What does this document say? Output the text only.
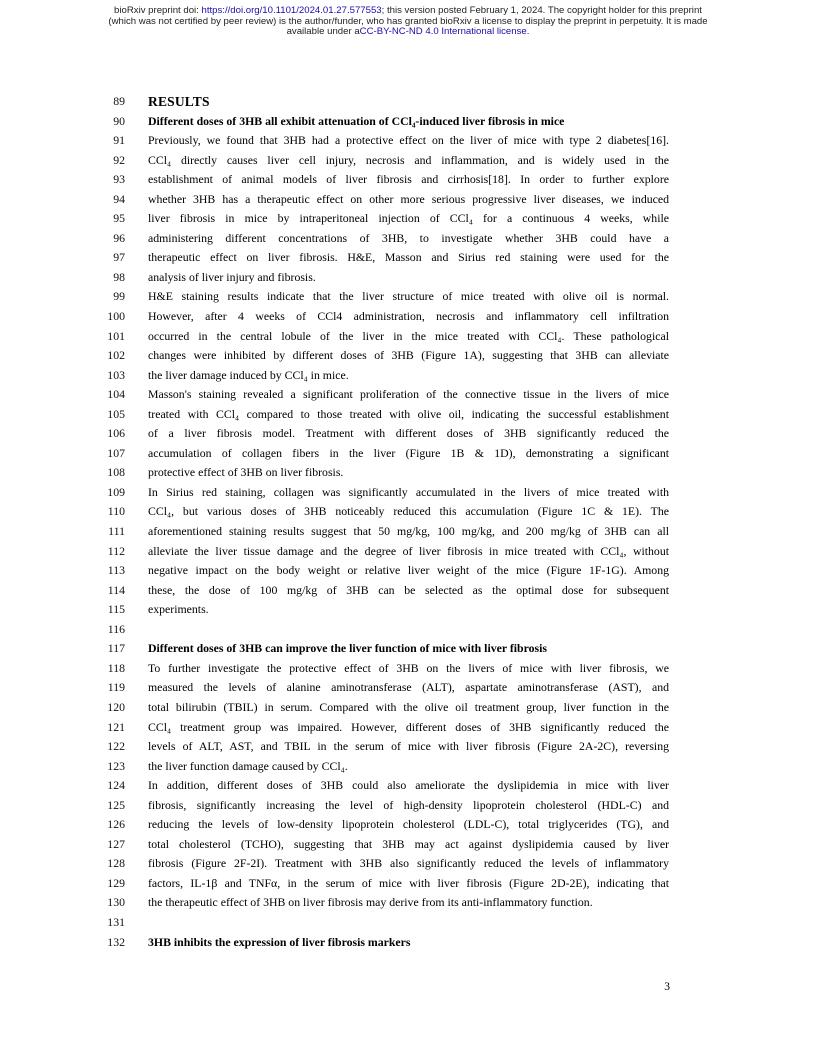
bioRxiv preprint doi: https://doi.org/10.1101/2024.01.27.577553; this version posted February 1, 2024. The copyright holder for this preprint
(which was not certified by peer review) is the author/funder, who has granted bioRxiv a license to display the preprint in perpetuity. It is made
available under aCC-BY-NC-ND 4.0 International license.
89 RESULTS
90 Different doses of 3HB all exhibit attenuation of CCl₄-induced liver fibrosis in mice
91 Previously, we found that 3HB had a protective effect on the liver of mice with type 2 diabetes[16].
92 CCl₄ directly causes liver cell injury, necrosis and inflammation, and is widely used in the
93 establishment of animal models of liver fibrosis and cirrhosis[18]. In order to further explore
94 whether 3HB has a therapeutic effect on other more serious progressive liver diseases, we induced
95 liver fibrosis in mice by intraperitoneal injection of CCl₄ for a continuous 4 weeks, while
96 administering different concentrations of 3HB, to investigate whether 3HB could have a
97 therapeutic effect on liver fibrosis. H&E, Masson and Sirius red staining were used for the
98 analysis of liver injury and fibrosis.
99 H&E staining results indicate that the liver structure of mice treated with olive oil is normal.
100 However, after 4 weeks of CCl4 administration, necrosis and inflammatory cell infiltration
101 occurred in the central lobule of the liver in the mice treated with CCl₄. These pathological
102 changes were inhibited by different doses of 3HB (Figure 1A), suggesting that 3HB can alleviate
103 the liver damage induced by CCl₄ in mice.
104 Masson's staining revealed a significant proliferation of the connective tissue in the livers of mice
105 treated with CCl₄ compared to those treated with olive oil, indicating the successful establishment
106 of a liver fibrosis model. Treatment with different doses of 3HB significantly reduced the
107 accumulation of collagen fibers in the liver (Figure 1B & 1D), demonstrating a significant
108 protective effect of 3HB on liver fibrosis.
109 In Sirius red staining, collagen was significantly accumulated in the livers of mice treated with
110 CCl₄, but various doses of 3HB noticeably reduced this accumulation (Figure 1C & 1E). The
111 aforementioned staining results suggest that 50 mg/kg, 100 mg/kg, and 200 mg/kg of 3HB can all
112 alleviate the liver tissue damage and the degree of liver fibrosis in mice treated with CCl₄, without
113 negative impact on the body weight or relative liver weight of the mice (Figure 1F-1G). Among
114 these, the dose of 100 mg/kg of 3HB can be selected as the optimal dose for subsequent
115 experiments.
116
117 Different doses of 3HB can improve the liver function of mice with liver fibrosis
118 To further investigate the protective effect of 3HB on the livers of mice with liver fibrosis, we
119 measured the levels of alanine aminotransferase (ALT), aspartate aminotransferase (AST), and
120 total bilirubin (TBIL) in serum. Compared with the olive oil treatment group, liver function in the
121 CCl₄ treatment group was impaired. However, different doses of 3HB significantly reduced the
122 levels of ALT, AST, and TBIL in the serum of mice with liver fibrosis (Figure 2A-2C), reversing
123 the liver function damage caused by CCl₄.
124 In addition, different doses of 3HB could also ameliorate the dyslipidemia in mice with liver
125 fibrosis, significantly increasing the level of high-density lipoprotein cholesterol (HDL-C) and
126 reducing the levels of low-density lipoprotein cholesterol (LDL-C), total triglycerides (TG), and
127 total cholesterol (TCHO), suggesting that 3HB may act against dyslipidemia caused by liver
128 fibrosis (Figure 2F-2I). Treatment with 3HB also significantly reduced the levels of inflammatory
129 factors, IL-1β and TNFα, in the serum of mice with liver fibrosis (Figure 2D-2E), indicating that
130 the therapeutic effect of 3HB on liver fibrosis may derive from its anti-inflammatory function.
131
132 3HB inhibits the expression of liver fibrosis markers
3
